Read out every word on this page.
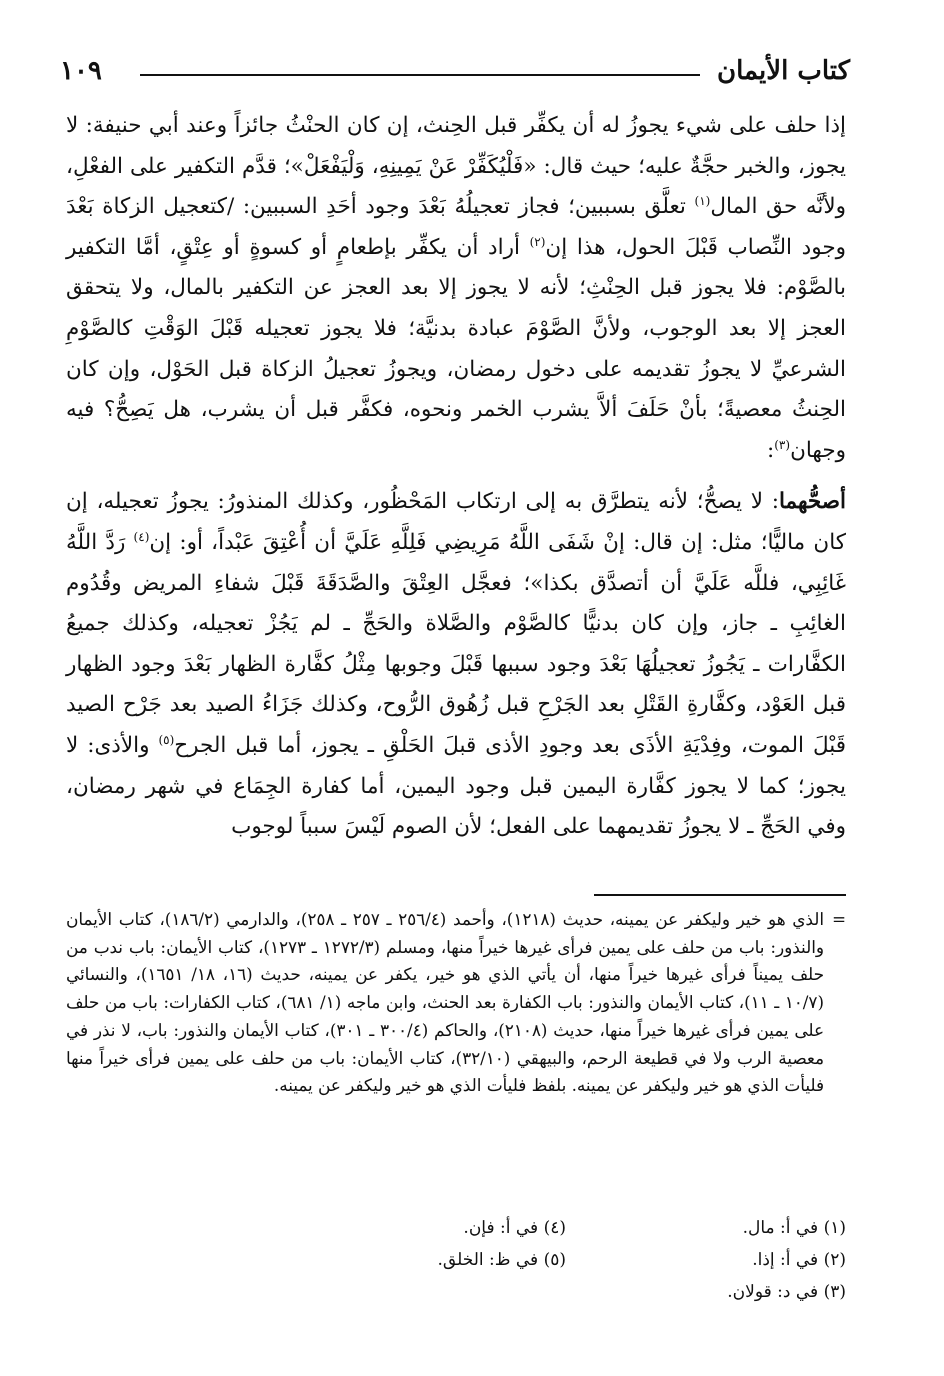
كتاب الأيمان
١٠٩

إذا حلف على شيء يجوزُ له أن يكفِّر قبل الحِنث، إن كان الحنْثُ جائزاً وعند أبي حنيفة: لا يجوز، والخبر حجَّةٌ عليه؛ حيث قال: «فَلْيُكَفِّرْ عَنْ يَمِينِهِ، وَلْيَفْعَلْ»؛ قدَّم التكفير على الفعْلِ، ولأنَّه حق المال$^{(١)}$ تعلَّق بسببين؛ فجاز تعجيلُهُ بَعْدَ وجود أحَدِ السببين: /كتعجيل الزكاة بَعْدَ وجود النِّصاب قَبْلَ الحول، هذا إن$^{(٢)}$ أراد أن يكفِّر بإطعامٍ أو كسوةٍ أو عِتْقٍ، أمَّا التكفير بالصَّوْم: فلا يجوز قبل الحِنْثِ؛ لأنه لا يجوز إلا بعد العجز عن التكفير بالمال، ولا يتحقق العجز إلا بعد الوجوب، ولأنَّ الصَّوْمَ عبادة بدنيَّة؛ فلا يجوز تعجيله قَبْلَ الوَقْتِ كالصَّوْمِ الشرعيِّ لا يجوزُ تقديمه على دخول رمضان، ويجوزُ تعجيلُ الزكاة قبل الحَوْل، وإن كان الحِنثُ معصيةً؛ بأنْ حَلَفَ ألاَّ يشرب الخمر ونحوه، فكفَّر قبل أن يشرب، هل يَصِحُّ؟ فيه وجهان$^{(٣)}$:

أصحُّهما: لا يصحُّ؛ لأنه يتطرَّق به إلى ارتكاب المَحْظُور، وكذلك المنذورُ: يجوزُ تعجيله، إن كان ماليًّا؛ مثل: إن قال: إنْ شَفَى اللَّهُ مَرِيضِي فَلِلَّهِ عَلَيَّ أن أُعْتِقَ عَبْداً، أو: إن$^{(٤)}$ رَدَّ اللَّهُ غَائِبِي، فللَّه عَلَيَّ أن أتصدَّق بكذا»؛ فعجَّل العِتْقَ والصَّدَقَةَ قَبْلَ شفاءِ المريض وقُدُوم الغائِبِ ـ جاز، وإن كان بدنيًّا كالصَّوْم والصَّلاة والحَجِّ ـ لم يَجُزْ تعجيله، وكذلك جميعُ الكفَّارات ـ يَجُوزُ تعجيلُهَا بَعْدَ وجود سببها قَبْلَ وجوبها مِثْلُ كفَّارة الظهار بَعْدَ وجود الظهار قبل العَوْد، وكفَّارةِ القَتْلِ بعد الجَرْحِ قبل زُهُوق الرُّوح، وكذلك جَزَاءُ الصيد بعد جَرْح الصيد قَبْلَ الموت، وفِدْيَةِ الأذَى بعد وجودِ الأذى قبلَ الحَلْقِ ـ يجوز، أما قبل الجرح$^{(٥)}$ والأذى: لا يجوز؛ كما لا يجوز كفَّارة اليمين قبل وجود اليمين، أما كفارة الجِمَاع في شهر رمضان، وفي الحَجِّ ـ لا يجوزُ تقديمهما على الفعل؛ لأن الصوم لَيْسَ سبباً لوجوب

=
الذي هو خير وليكفر عن يمينه، حديث (١٢١٨)، وأحمد (٢٥٦/٤ ـ ٢٥٧ ـ ٢٥٨)، والدارمي (١٨٦/٢)، كتاب الأيمان والنذور: باب من حلف على يمين فرأى غيرها خيراً منها، ومسلم (١٢٧٢/٣ ـ ١٢٧٣)، كتاب الأيمان: باب ندب من حلف يميناً فرأى غيرها خيراً منها، أن يأتي الذي هو خير، يكفر عن يمينه، حديث (١٦، ١٨/ ١٦٥١)، والنسائي (١٠/٧ ـ ١١)، كتاب الأيمان والنذور: باب الكفارة بعد الحنث، وابن ماجه (١/ ٦٨١)، كتاب الكفارات: باب من حلف على يمين فرأى غيرها خيراً منها، حديث (٢١٠٨)، والحاكم (٣٠٠/٤ ـ ٣٠١)، كتاب الأيمان والنذور: باب، لا نذر في معصية الرب ولا في قطيعة الرحم، والبيهقي (٣٢/١٠)، كتاب الأيمان: باب من حلف على يمين فرأى خيراً منها فليأت الذي هو خير وليكفر عن يمينه. بلفظ فليأت الذي هو خير وليكفر عن يمينه.

(١) في أ: مال.
(٤) في أ: فإن.
(٢) في أ: إذا.
(٥) في ظ: الخلق.
(٣) في د: قولان.
